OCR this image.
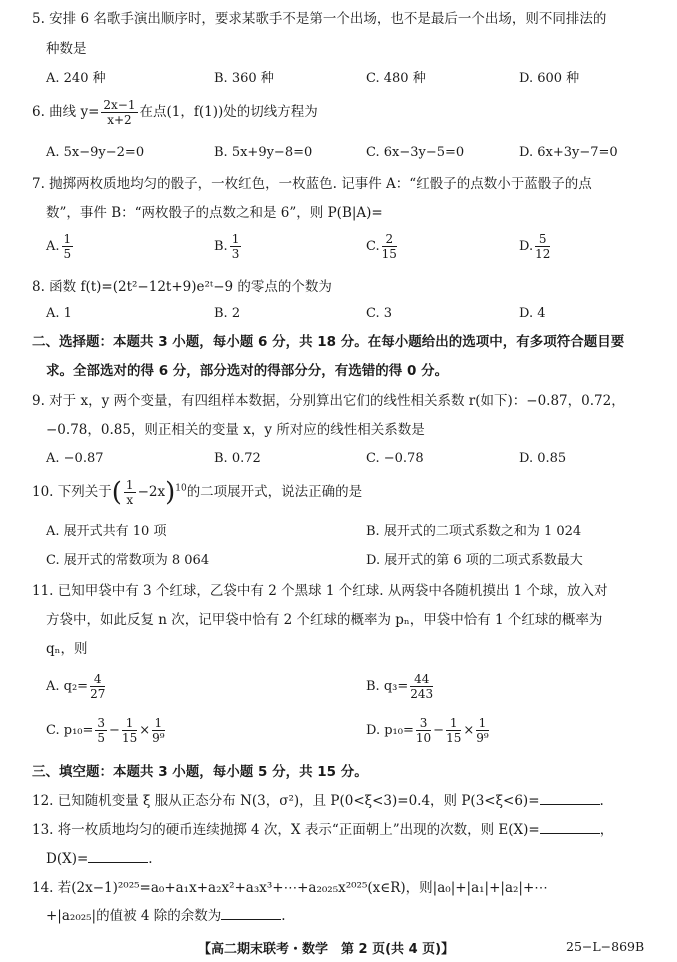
5. 安排 6 名歌手演出顺序时，要求某歌手不是第一个出场，也不是最后一个出场，则不同排法的
种数是
A. 240 种	B. 360 种	C. 480 种	D. 600 种
6. 曲线 $y= \frac{2x-1}{x+2}$ 在点(1，f(1))处的切线方程为
A. 5x−9y−2=0	B. 5x+9y−8=0	C. 6x−3y−5=0	D. 6x+3y−7=0
7. 抛掷两枚质地均匀的骰子，一枚红色，一枚蓝色. 记事件 A：“红骰子的点数小于蓝骰子的点
数”，事件 B：“两枚骰子的点数之和是 6”，则 P(B|A)=
A. $\frac{1}{5}$	B. $\frac{1}{3}$	C. $\frac{2}{15}$	D. $\frac{5}{12}$
8. 函数 f(t)=(2t²−12t+9)e²ᵗ−9 的零点的个数为
A. 1	B. 2	C. 3	D. 4
二、选择题：本题共 3 小题，每小题 6 分，共 18 分。在每小题给出的选项中，有多项符合题目要
求。全部选对的得 6 分，部分选对的得部分分，有选错的得 0 分。
9. 对于 x，y 两个变量，有四组样本数据，分别算出它们的线性相关系数 r(如下)：−0.87，0.72，
−0.78，0.85，则正相关的变量 x，y 所对应的线性相关系数是
A. −0.87	B. 0.72	C. −0.78	D. 0.85
10. 下列关于( $\frac{1}{x} -2x)^{10}$的二项展开式，说法正确的是
A. 展开式共有 10 项	B. 展开式的二项式系数之和为 1 024
C. 展开式的常数项为 8 064	D. 展开式的第 6 项的二项式系数最大
11. 已知甲袋中有 3 个红球，乙袋中有 2 个黑球 1 个红球. 从两袋中各随机摸出 1 个球，放入对
方袋中，如此反复 n 次，记甲袋中恰有 2 个红球的概率为 pₙ，甲袋中恰有 1 个红球的概率为
qₙ，则
A. $q_2= \frac{4}{27}$	B. $q_3= \frac{44}{243}$
C. $p_{10}= \frac{3}{5} - \frac{1}{15} \times \frac{1}{\text{9⁹}}$	D. $p_{10}= \frac{3}{10} - \frac{1}{15} \times \frac{1}{\text{9⁹}}$
三、填空题：本题共 3 小题，每小题 5 分，共 15 分。
12. 已知随机变量 ξ 服从正态分布 N(3，σ²)，且 P(0<ξ<3)=0.4，则 P(3<ξ<6)=	.
13. 将一枚质地均匀的硬币连续抛掷 4 次，X 表示“正面朝上”出现的次数，则 E(X)=	，
D(X)=	.
14. 若(2x−1)²⁰²⁵=a₀+a₁x+a₂x²+a₃x³+⋯+a₂₀₂₅x²⁰²⁵(x∈R)，则|a₀|+|a₁|+|a₂|+⋯
+|a₂₀₂₅|的值被 4 除的余数为	.
【高二期末联考・数学　第 2 页(共 4 页)】	25−L−869B
